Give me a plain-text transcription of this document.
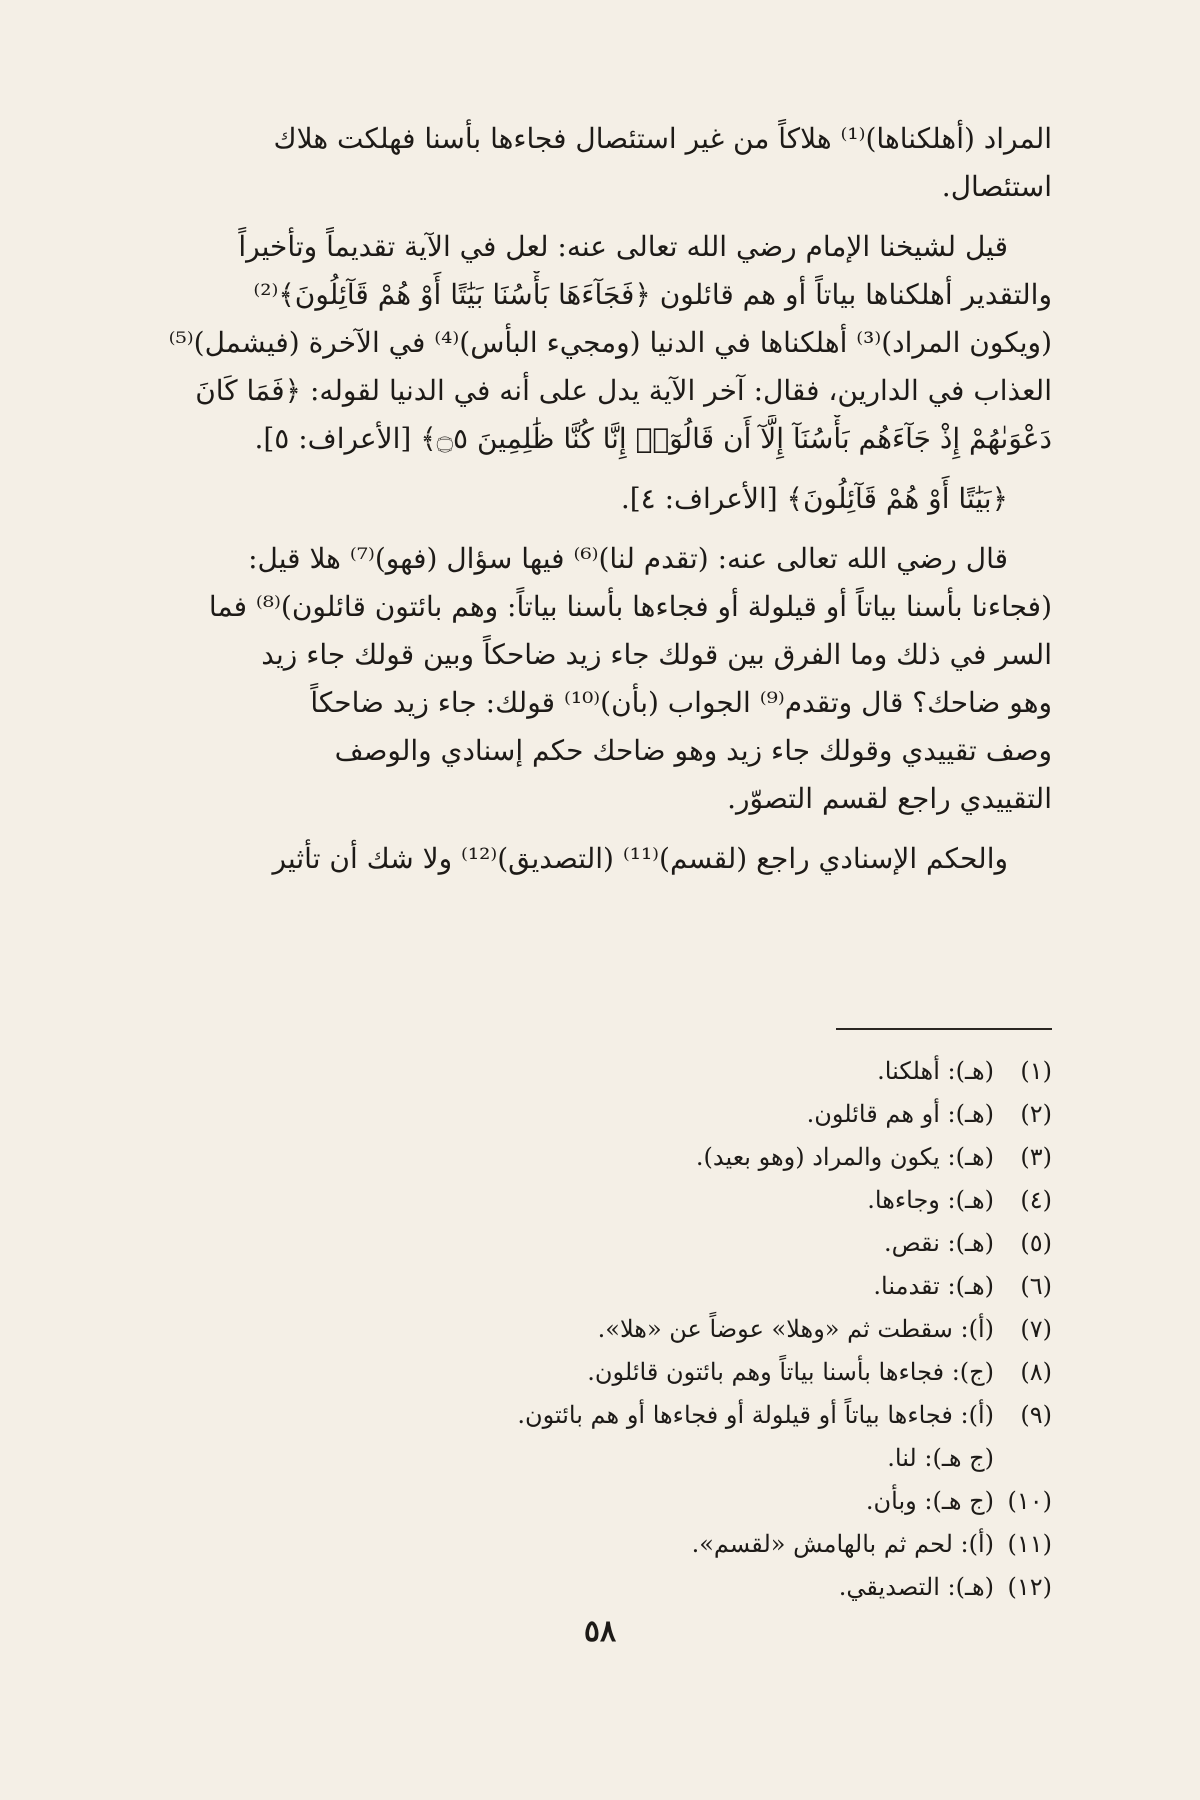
المراد (أهلكناها)⁽¹⁾ هلاكاً من غير استئصال فجاءها بأسنا فهلكت هلاك
استئصال.
قيل لشيخنا الإمام رضي الله تعالى عنه: لعل في الآية تقديماً وتأخيراً
والتقدير أهلكناها بياتاً أو هم قائلون ﴿فَجَآءَهَا بَأْسُنَا بَيَٰتًا أَوْ هُمْ قَآئِلُونَ﴾⁽²⁾
(ويكون المراد)⁽³⁾ أهلكناها في الدنيا (ومجيء البأس)⁽⁴⁾ في الآخرة (فيشمل)⁽⁵⁾
العذاب في الدارين، فقال: آخر الآية يدل على أنه في الدنيا لقوله: ﴿فَمَا كَانَ
دَعْوَىٰهُمْ إِذْ جَآءَهُم بَأْسُنَآ إِلَّآ أَن قَالُوٓا۟ إِنَّا كُنَّا ظَٰلِمِينَ ۝٥﴾ [الأعراف: ٥].
﴿بَيَٰتًا أَوْ هُمْ قَآئِلُونَ﴾ [الأعراف: ٤].
قال رضي الله تعالى عنه: (تقدم لنا)⁽⁶⁾ فيها سؤال (فهو)⁽⁷⁾ هلا قيل:
(فجاءنا بأسنا بياتاً أو قيلولة أو فجاءها بأسنا بياتاً: وهم بائتون قائلون)⁽⁸⁾ فما
السر في ذلك وما الفرق بين قولك جاء زيد ضاحكاً وبين قولك جاء زيد
وهو ضاحك؟ قال وتقدم⁽⁹⁾ الجواب (بأن)⁽¹⁰⁾ قولك: جاء زيد ضاحكاً
وصف تقييدي وقولك جاء زيد وهو ضاحك حكم إسنادي والوصف
التقييدي راجع لقسم التصوّر.
والحكم الإسنادي راجع (لقسم)⁽¹¹⁾ (التصديق)⁽¹²⁾ ولا شك أن تأثير
(١)(هـ): أهلكنا.
(٢)(هـ): أو هم قائلون.
(٣)(هـ): يكون والمراد (وهو بعيد).
(٤)(هـ): وجاءها.
(٥)(هـ): نقص.
(٦)(هـ): تقدمنا.
(٧)(أ): سقطت ثم «وهلا» عوضاً عن «هلا».
(٨)(ج): فجاءها بأسنا بياتاً وهم بائتون قائلون.
(٩)(أ): فجاءها بياتاً أو قيلولة أو فجاءها أو هم بائتون.
(ج هـ): لنا.
(١٠)(ج هـ): وبأن.
(١١)(أ): لحم ثم بالهامش «لقسم».
(١٢)(هـ): التصديقي.
٥٨
